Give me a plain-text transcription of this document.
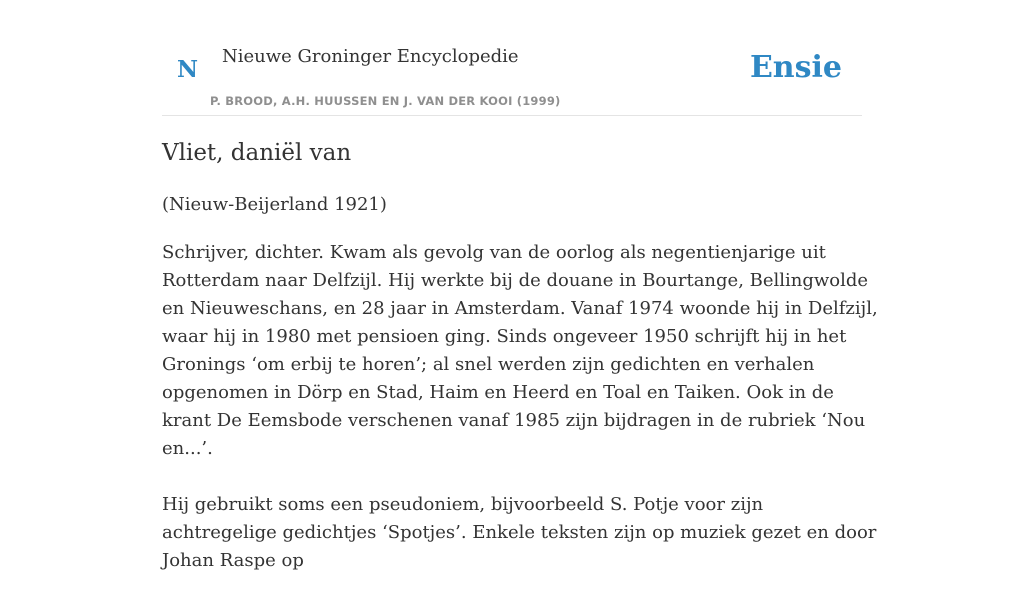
N Nieuwe Groninger Encyclopedie
P. BROOD, A.H. HUUSSEN EN J. VAN DER KOOI (1999)
Ensie
Vliet, daniël van

(Nieuw-Beijerland 1921)

Schrijver, dichter. Kwam als gevolg van de oorlog als negentienjarige uit Rotterdam naar Delfzijl. Hij werkte bij de douane in Bourtange, Bellingwolde en Nieuweschans, en 28 jaar in Amsterdam. Vanaf 1974 woonde hij in Delfzijl, waar hij in 1980 met pensioen ging. Sinds ongeveer 1950 schrijft hij in het Gronings ‘om erbij te horen’; al snel werden zijn gedichten en verhalen opgenomen in Dörp en Stad, Haim en Heerd en Toal en Taiken. Ook in de krant De Eemsbode verschenen vanaf 1985 zijn bijdragen in de rubriek ‘Nou en...’.

Hij gebruikt soms een pseudoniem, bijvoorbeeld S. Potje voor zijn achtregelige gedichtjes ‘Spotjes’. Enkele teksten zijn op muziek gezet en door Johan Raspe op
